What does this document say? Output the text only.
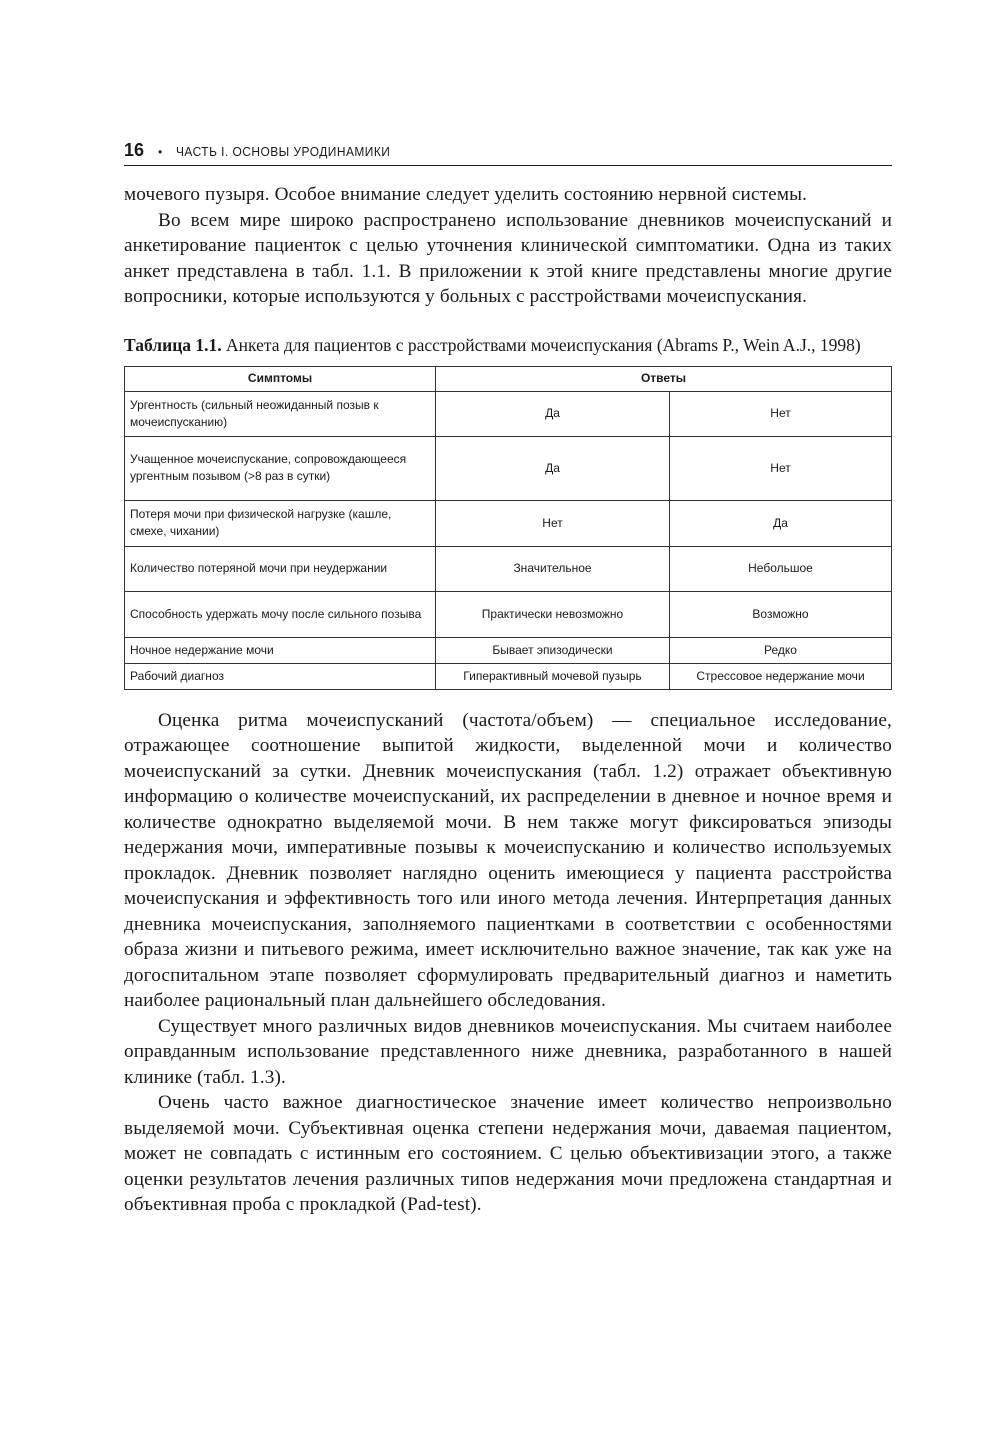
16 • ЧАСТЬ I. ОСНОВЫ УРОДИНАМИКИ

мочевого пузыря. Особое внимание следует уделить состоянию нервной системы.

Во всем мире широко распространено использование дневников мочеиспусканий и анкетирование пациенток с целью уточнения клинической симптоматики. Одна из таких анкет представлена в табл. 1.1. В приложении к этой книге представлены многие другие вопросники, которые используются у больных с расстройствами мочеиспускания.

Таблица 1.1. Анкета для пациентов с расстройствами мочеиспускания (Abrams P., Wein A.J., 1998)
Симптомы	Ответы	
Ургентность (сильный неожиданный позыв к мочеиспусканию)	Да	Нет
Учащенное мочеиспускание, сопровождающееся ургентным позывом (>8 раз в сутки)	Да	Нет
Потеря мочи при физической нагрузке (кашле, смехе, чихании)	Нет	Да
Количество потеряной мочи при неудержании	Значительное	Небольшое
Способность удержать мочу после сильного позыва	Практически невозможно	Возможно
Ночное недержание мочи	Бывает эпизодически	Редко
Рабочий диагноз	Гиперактивный мочевой пузырь	Стрессовое недержание мочи

Оценка ритма мочеиспусканий (частота/объем) — специальное исследование, отражающее соотношение выпитой жидкости, выделенной мочи и количество мочеиспусканий за сутки. Дневник мочеиспускания (табл. 1.2) отражает объективную информацию о количестве мочеиспусканий, их распределении в дневное и ночное время и количестве однократно выделяемой мочи. В нем также могут фиксироваться эпизоды недержания мочи, императивные позывы к мочеиспусканию и количество используемых прокладок. Дневник позволяет наглядно оценить имеющиеся у пациента расстройства мочеиспускания и эффективность того или иного метода лечения. Интерпретация данных дневника мочеиспускания, заполняемого пациентками в соответствии с особенностями образа жизни и питьевого режима, имеет исключительно важное значение, так как уже на догоспитальном этапе позволяет сформулировать предварительный диагноз и наметить наиболее рациональный план дальнейшего обследования.

Существует много различных видов дневников мочеиспускания. Мы считаем наиболее оправданным использование представленного ниже дневника, разработанного в нашей клинике (табл. 1.3).

Очень часто важное диагностическое значение имеет количество непроизвольно выделяемой мочи. Субъективная оценка степени недержания мочи, даваемая пациентом, может не совпадать с истинным его состоянием. С целью объективизации этого, а также оценки результатов лечения различных типов недержания мочи предложена стандартная и объективная проба с прокладкой (Pad-test).
